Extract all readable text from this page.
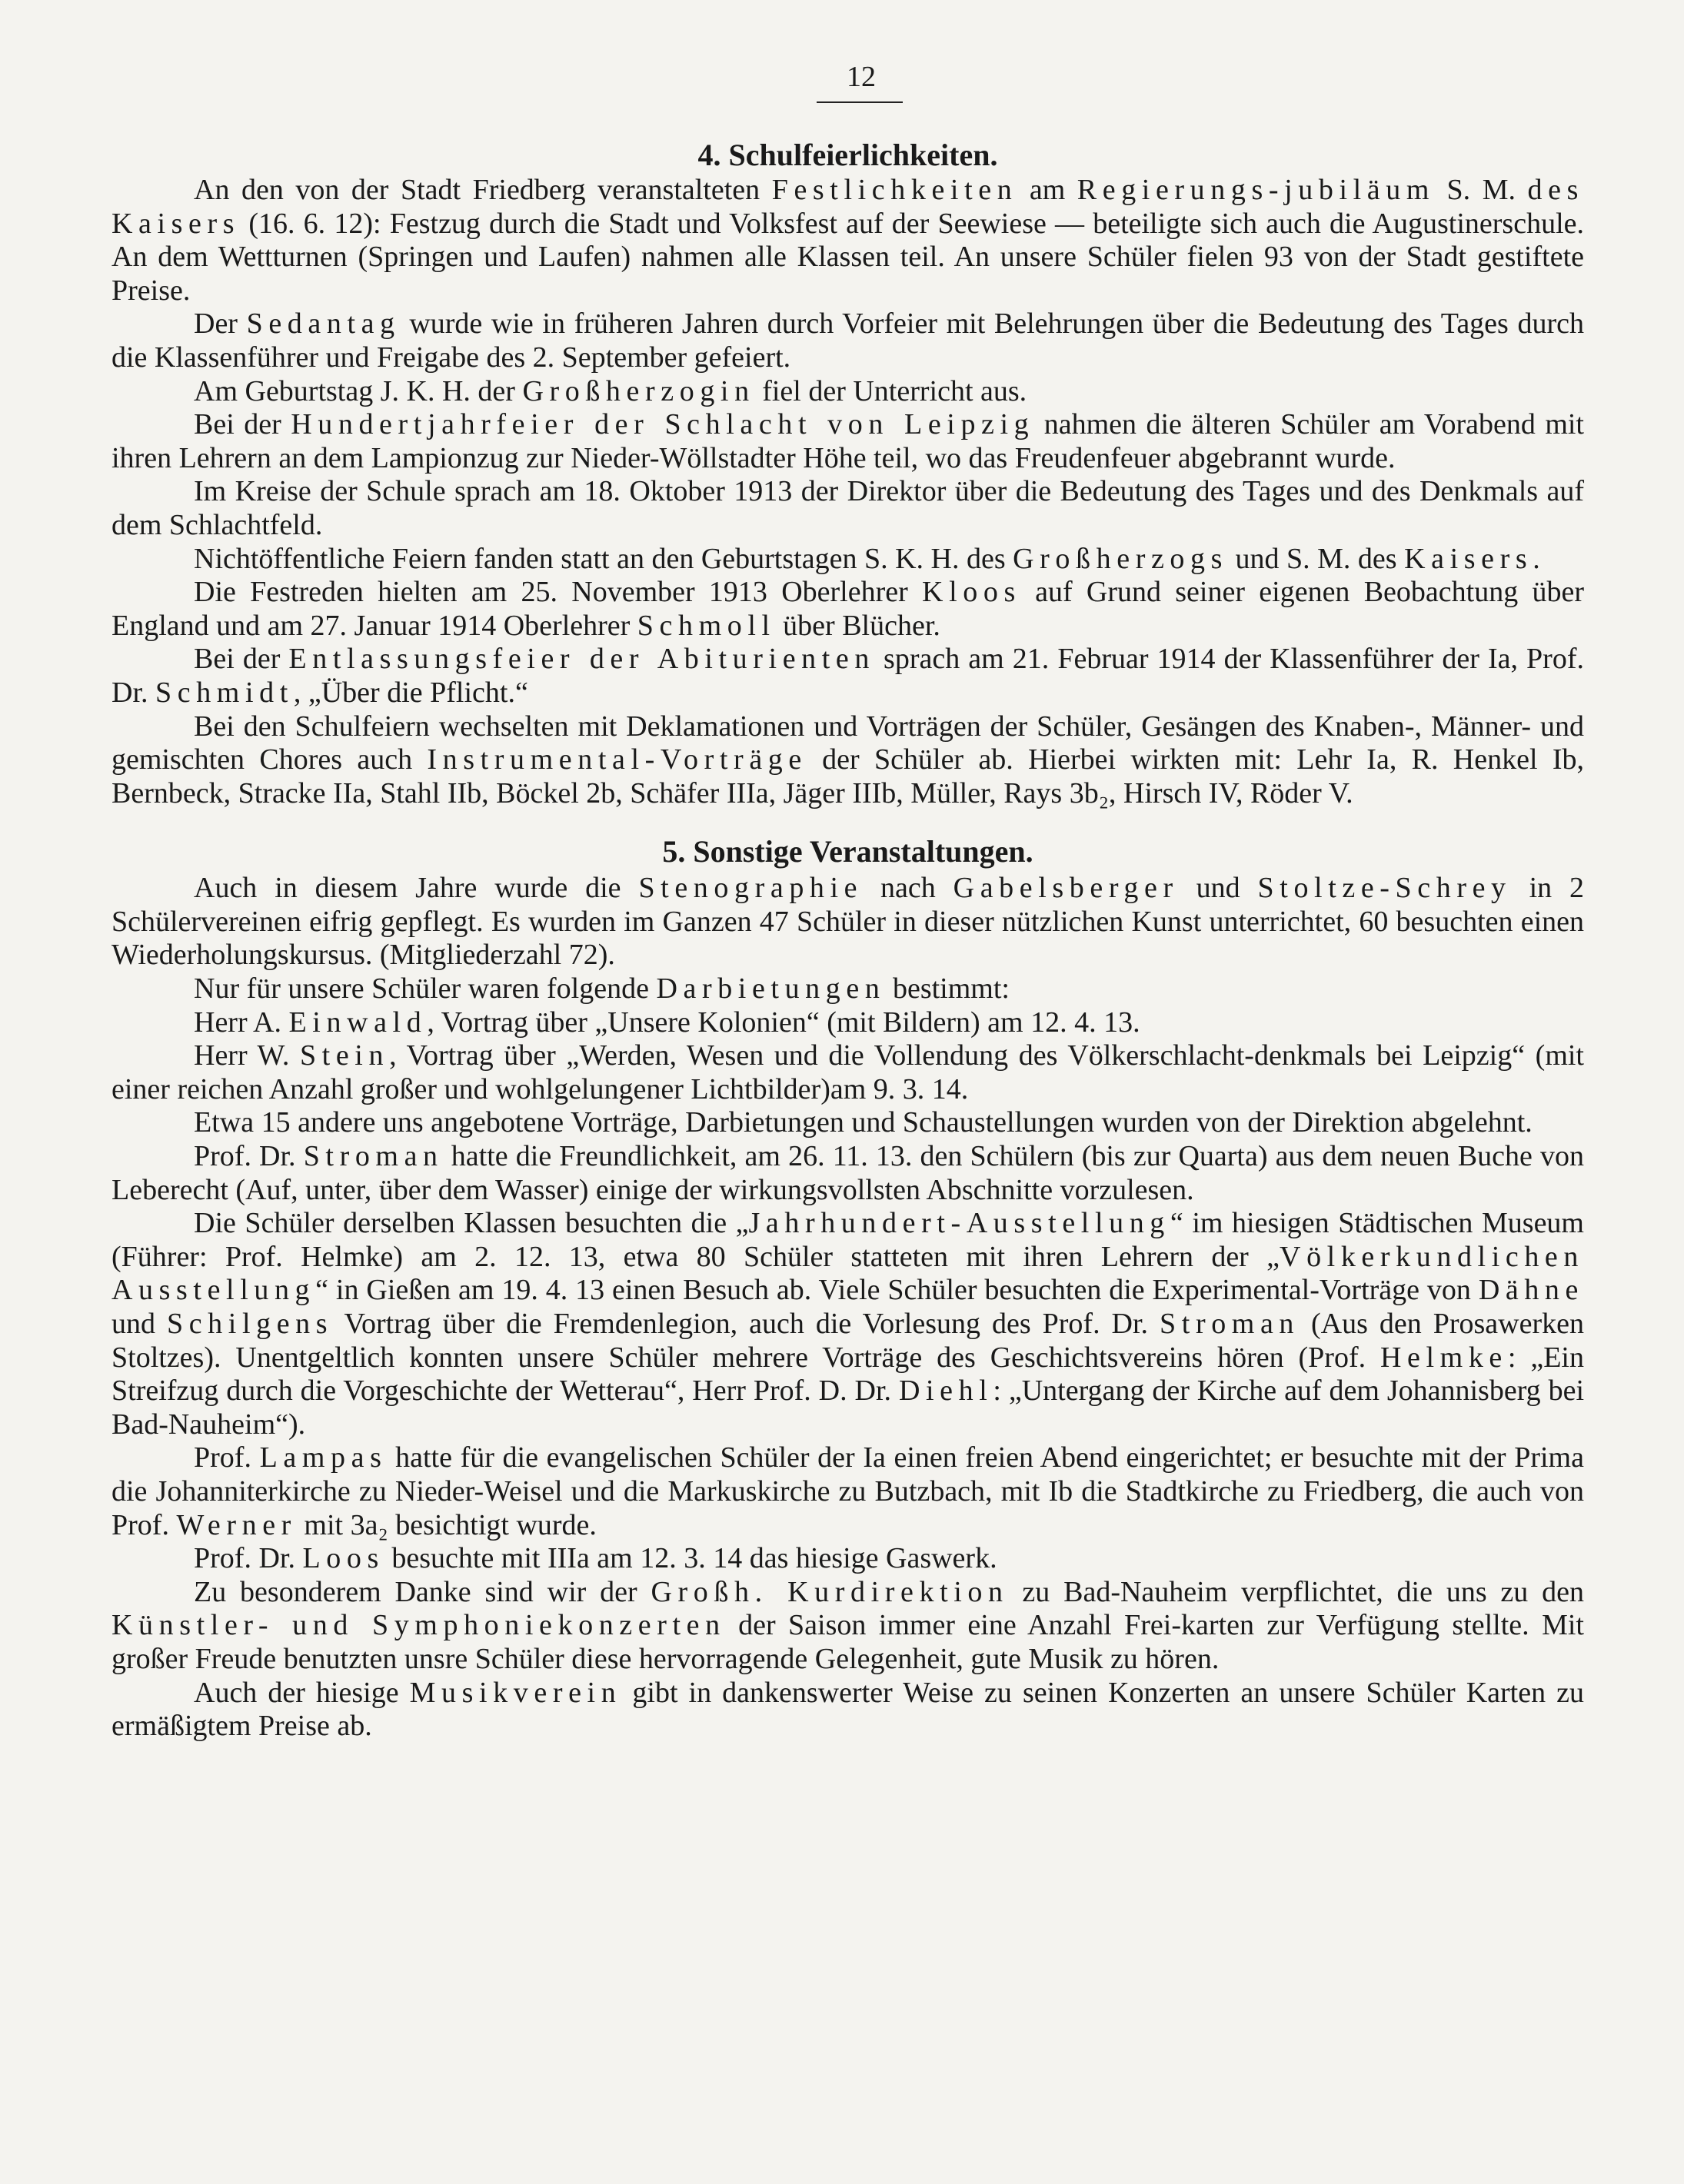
12
4. Schulfeierlichkeiten.

An den von der Stadt Friedberg veranstalteten Festlichkeiten am Regierungs-jubiläum S. M. des Kaisers (16. 6. 12): Festzug durch die Stadt und Volksfest auf der Seewiese — beteiligte sich auch die Augustinerschule. An dem Wettturnen (Springen und Laufen) nahmen alle Klassen teil. An unsere Schüler fielen 93 von der Stadt gestiftete Preise.

Der Sedantag wurde wie in früheren Jahren durch Vorfeier mit Belehrungen über die Bedeutung des Tages durch die Klassenführer und Freigabe des 2. September gefeiert.

Am Geburtstag J. K. H. der Großherzogin fiel der Unterricht aus.

Bei der Hundertjahrfeier der Schlacht von Leipzig nahmen die älteren Schüler am Vorabend mit ihren Lehrern an dem Lampionzug zur Nieder-Wöllstadter Höhe teil, wo das Freudenfeuer abgebrannt wurde.

Im Kreise der Schule sprach am 18. Oktober 1913 der Direktor über die Bedeutung des Tages und des Denkmals auf dem Schlachtfeld.

Nichtöffentliche Feiern fanden statt an den Geburtstagen S. K. H. des Großherzogs und S. M. des Kaisers.

Die Festreden hielten am 25. November 1913 Oberlehrer Kloos auf Grund seiner eigenen Beobachtung über England und am 27. Januar 1914 Oberlehrer Schmoll über Blücher.

Bei der Entlassungsfeier der Abiturienten sprach am 21. Februar 1914 der Klassenführer der Ia, Prof. Dr. Schmidt, „Über die Pflicht.“

Bei den Schulfeiern wechselten mit Deklamationen und Vorträgen der Schüler, Gesängen des Knaben-, Männer- und gemischten Chores auch Instrumental-Vorträge der Schüler ab. Hierbei wirkten mit: Lehr Ia, R. Henkel Ib, Bernbeck, Stracke IIa, Stahl IIb, Böckel 2b, Schäfer IIIa, Jäger IIIb, Müller, Rays 3b₂, Hirsch IV, Röder V.

5. Sonstige Veranstaltungen.

Auch in diesem Jahre wurde die Stenographie nach Gabelsberger und Stoltze-Schrey in 2 Schülervereinen eifrig gepflegt. Es wurden im Ganzen 47 Schüler in dieser nützlichen Kunst unterrichtet, 60 besuchten einen Wiederholungskursus. (Mitgliederzahl 72).

Nur für unsere Schüler waren folgende Darbietungen bestimmt:

Herr A. Einwald, Vortrag über „Unsere Kolonien“ (mit Bildern) am 12. 4. 13.

Herr W. Stein, Vortrag über „Werden, Wesen und die Vollendung des Völkerschlacht-denkmals bei Leipzig“ (mit einer reichen Anzahl großer und wohlgelungener Lichtbilder)am 9. 3. 14.

Etwa 15 andere uns angebotene Vorträge, Darbietungen und Schaustellungen wurden von der Direktion abgelehnt.

Prof. Dr. Stroman hatte die Freundlichkeit, am 26. 11. 13. den Schülern (bis zur Quarta) aus dem neuen Buche von Leberecht (Auf, unter, über dem Wasser) einige der wirkungsvollsten Abschnitte vorzulesen.

Die Schüler derselben Klassen besuchten die „Jahrhundert-Ausstellung“ im hiesigen Städtischen Museum (Führer: Prof. Helmke) am 2. 12. 13, etwa 80 Schüler statteten mit ihren Lehrern der „Völkerkundlichen Ausstellung“ in Gießen am 19. 4. 13 einen Besuch ab. Viele Schüler besuchten die Experimental-Vorträge von Dähne und Schilgens Vortrag über die Fremdenlegion, auch die Vorlesung des Prof. Dr. Stroman (Aus den Prosawerken Stoltzes). Unentgeltlich konnten unsere Schüler mehrere Vorträge des Geschichtsvereins hören (Prof. Helmke: „Ein Streifzug durch die Vorgeschichte der Wetterau“, Herr Prof. D. Dr. Diehl: „Untergang der Kirche auf dem Johannisberg bei Bad-Nauheim“).

Prof. Lampas hatte für die evangelischen Schüler der Ia einen freien Abend eingerichtet; er besuchte mit der Prima die Johanniterkirche zu Nieder-Weisel und die Markuskirche zu Butzbach, mit Ib die Stadtkirche zu Friedberg, die auch von Prof. Werner mit 3a₂ besichtigt wurde.

Prof. Dr. Loos besuchte mit IIIa am 12. 3. 14 das hiesige Gaswerk.

Zu besonderem Danke sind wir der Großh. Kurdirektion zu Bad-Nauheim verpflichtet, die uns zu den Künstler- und Symphoniekonzerten der Saison immer eine Anzahl Frei-karten zur Verfügung stellte. Mit großer Freude benutzten unsre Schüler diese hervorragende Gelegenheit, gute Musik zu hören.

Auch der hiesige Musikverein gibt in dankenswerter Weise zu seinen Konzerten an unsere Schüler Karten zu ermäßigtem Preise ab.
